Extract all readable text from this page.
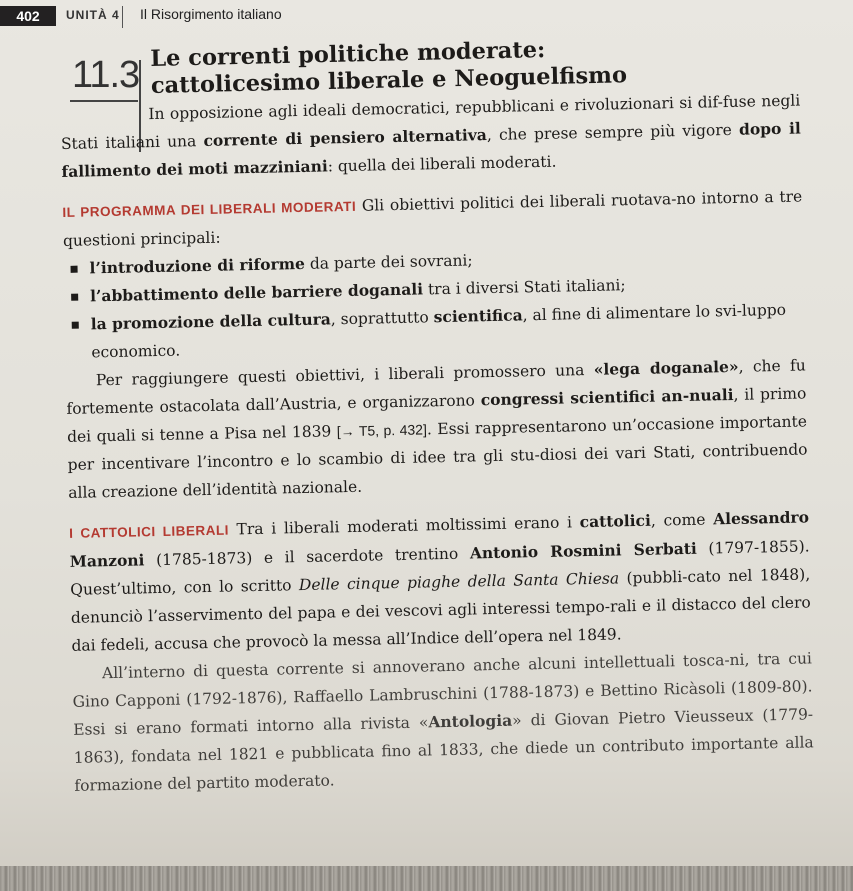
402	UNITÀ 4 Il Risorgimento italiano
11.3 Le correnti politiche moderate:
cattolicesimo liberale e Neoguelfismo

In opposizione agli ideali democratici, repubblicani e rivoluzionari si dif-fuse negli Stati italiani una corrente di pensiero alternativa, che prese sempre più vigore dopo il fallimento dei moti mazziniani: quella dei liberali moderati.

IL PROGRAMMA DEI LIBERALI MODERATI Gli obiettivi politici dei liberali ruotava-no intorno a tre questioni principali:

l’introduzione di riforme da parte dei sovrani;
l’abbattimento delle barriere doganali tra i diversi Stati italiani;
la promozione della cultura, soprattutto scientifica, al fine di alimentare lo svi-luppo economico.

Per raggiungere questi obiettivi, i liberali promossero una «lega doganale», che fu fortemente ostacolata dall’Austria, e organizzarono congressi scientifici an-nuali, il primo dei quali si tenne a Pisa nel 1839 [→ T5, p. 432]. Essi rappresentarono un’occasione importante per incentivare l’incontro e lo scambio di idee tra gli stu-diosi dei vari Stati, contribuendo alla creazione dell’identità nazionale.

I CATTOLICI LIBERALI Tra i liberali moderati moltissimi erano i cattolici, come Alessandro Manzoni (1785-1873) e il sacerdote trentino Antonio Rosmini Serbati (1797-1855). Quest’ultimo, con lo scritto Delle cinque piaghe della Santa Chiesa (pubbli-cato nel 1848), denunciò l’asservimento del papa e dei vescovi agli interessi tempo-rali e il distacco del clero dai fedeli, accusa che provocò la messa all’Indice dell’opera nel 1849.

All’interno di questa corrente si annoverano anche alcuni intellettuali tosca-ni, tra cui Gino Capponi (1792-1876), Raffaello Lambruschini (1788-1873) e Bettino Ricàsoli (1809-80). Essi si erano formati intorno alla rivista «Antologia» di Giovan Pietro Vieusseux (1779-1863), fondata nel 1821 e pubblicata fino al 1833, che diede un contributo importante alla formazione del partito moderato.
